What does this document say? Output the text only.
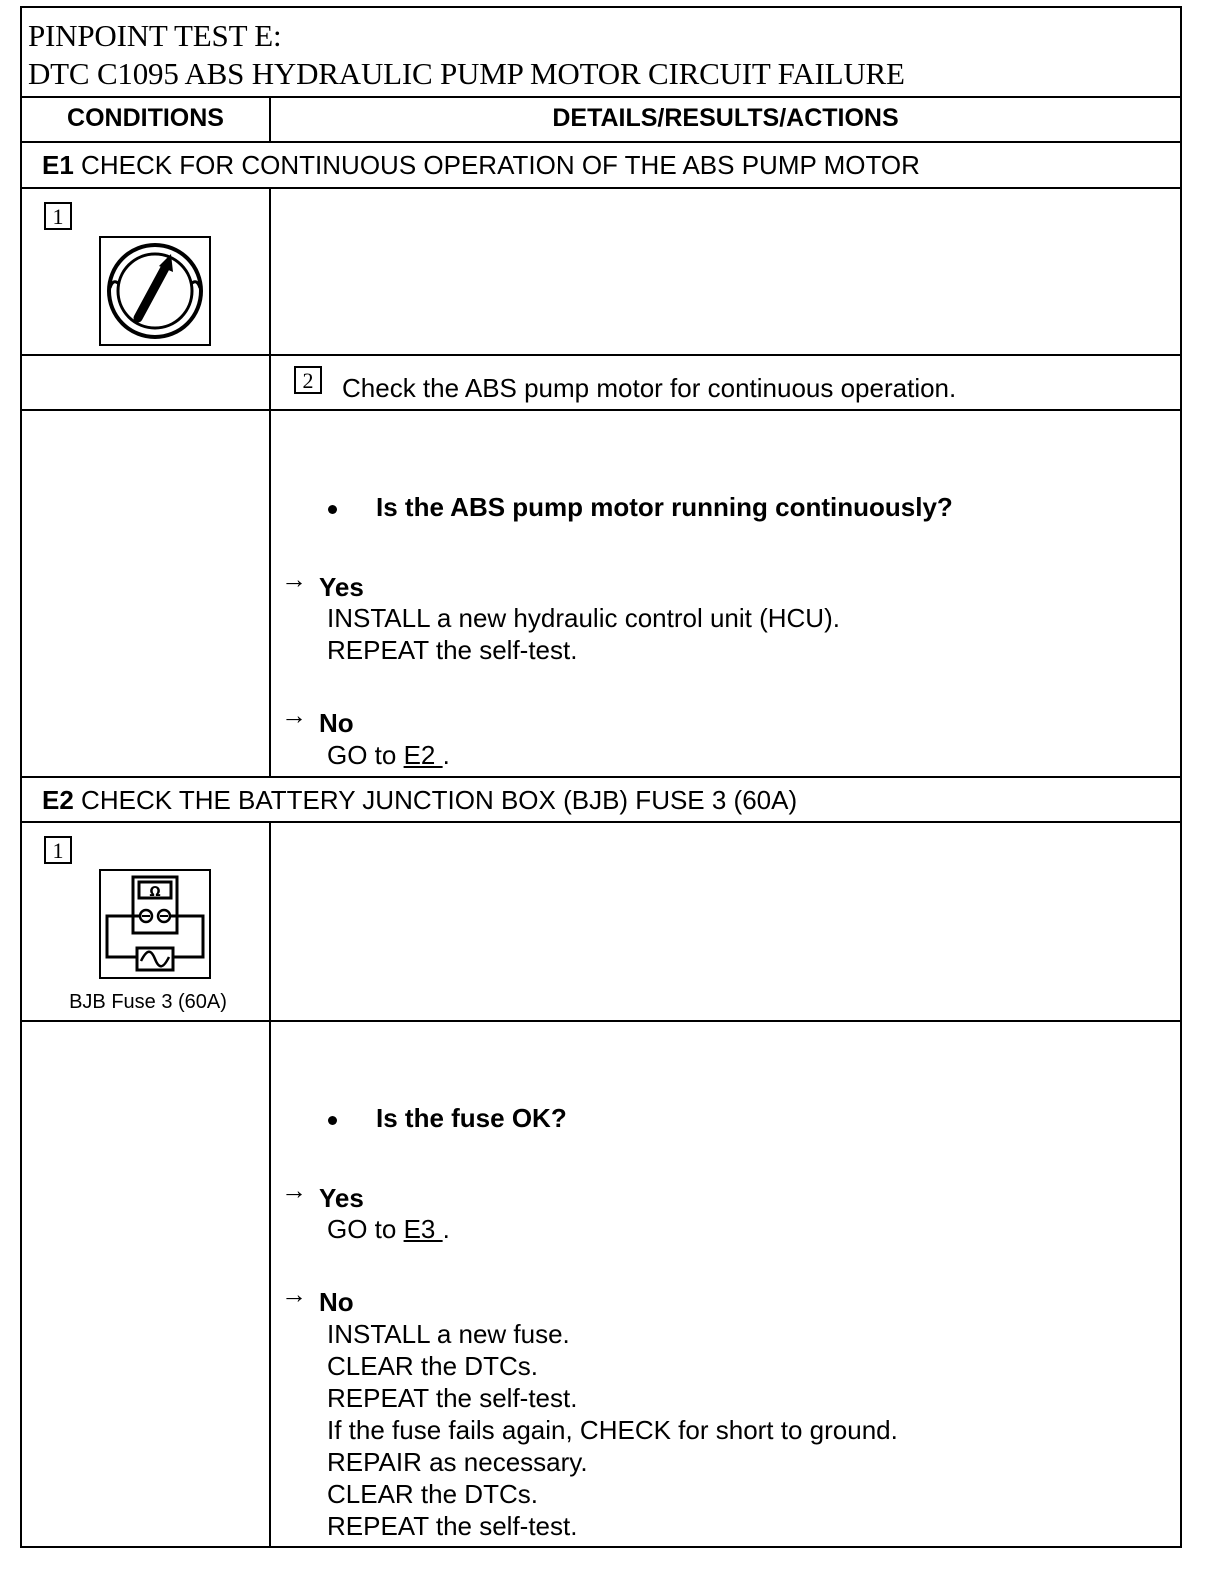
PINPOINT TEST E:
DTC C1095 ABS HYDRAULIC PUMP MOTOR CIRCUIT FAILURE
CONDITIONS	DETAILS/RESULTS/ACTIONS
E1 CHECK FOR CONTINUOUS OPERATION OF THE ABS PUMP MOTOR
1
2	Check the ABS pump motor for continuous operation.
Is the ABS pump motor running continuously?
→ Yes
INSTALL a new hydraulic control unit (HCU).
REPEAT the self-test.
→ No
GO to E2 .
E2 CHECK THE BATTERY JUNCTION BOX (BJB) FUSE 3 (60A)
1
Ω
BJB Fuse 3 (60A)
Is the fuse OK?
→ Yes
GO to E3 .
→ No
INSTALL a new fuse.
CLEAR the DTCs.
REPEAT the self-test.
If the fuse fails again, CHECK for short to ground.
REPAIR as necessary.
CLEAR the DTCs.
REPEAT the self-test.
